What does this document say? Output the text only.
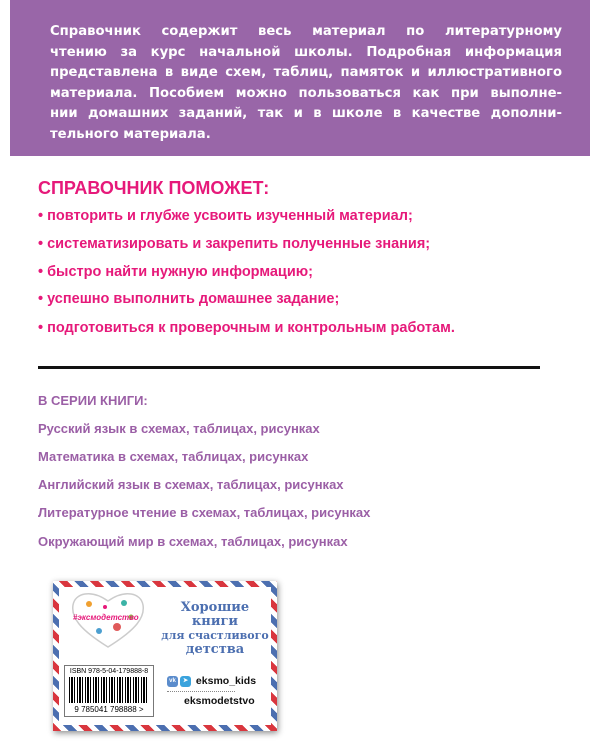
Справочник содержит весь материал по литературному
чтению за курс начальной школы. Подробная информация
представлена в виде схем, таблиц, памяток и иллюстративного
материала. Пособием можно пользоваться как при выполне-
нии домашних заданий, так и в школе в качестве дополни-
тельного материала.
СПРАВОЧНИК ПОМОЖЕТ:
• повторить и глубже усвоить изученный материал;
• систематизировать и закрепить полученные знания;
• быстро найти нужную информацию;
• успешно выполнить домашнее задание;
• подготовиться к проверочным и контрольным работам.
В СЕРИИ КНИГИ:
Русский язык в схемах, таблицах, рисунках
Математика в схемах, таблицах, рисунках
Английский язык в схемах, таблицах, рисунках
Литературное чтение в схемах, таблицах, рисунках
Окружающий мир в схемах, таблицах, рисунках
#эксмодетство
Хорошие
книги
для счастливого
детства
ISBN 978-5-04-179888-8
9 785041 798888 >
vk ➤ eksmo_kids
eksmodetstvo
